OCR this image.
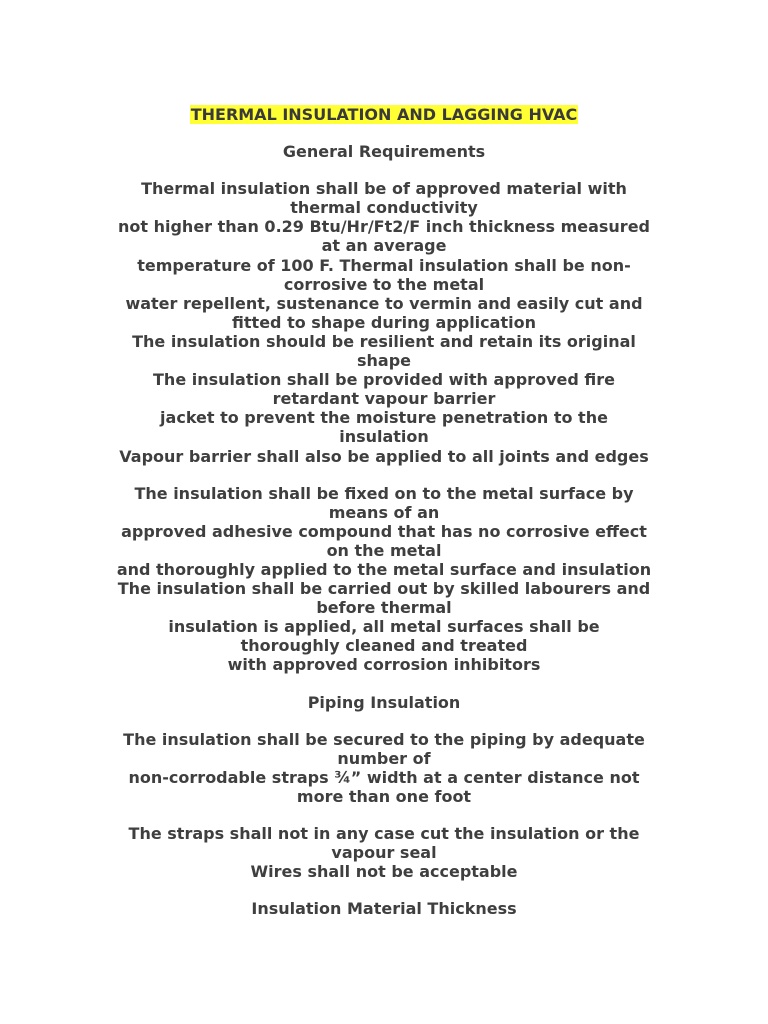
THERMAL INSULATION AND LAGGING HVAC

General Requirements

Thermal insulation shall be of approved material with

thermal conductivity

not higher than 0.29 Btu/Hr/Ft2/F inch thickness measured

at an average

temperature of 100 F. Thermal insulation shall be non-

corrosive to the metal

water repellent, sustenance to vermin and easily cut and

fitted to shape during application

The insulation should be resilient and retain its original

shape

The insulation shall be provided with approved fire

retardant vapour barrier

jacket to prevent the moisture penetration to the

insulation

Vapour barrier shall also be applied to all joints and edges

The insulation shall be fixed on to the metal surface by

means of an

approved adhesive compound that has no corrosive effect

on the metal

and thoroughly applied to the metal surface and insulation

The insulation shall be carried out by skilled labourers and

before thermal

insulation is applied, all metal surfaces shall be

thoroughly cleaned and treated

with approved corrosion inhibitors

Piping Insulation

The insulation shall be secured to the piping by adequate

number of

non-corrodable straps ¾” width at a center distance not

more than one foot

The straps shall not in any case cut the insulation or the

vapour seal

Wires shall not be acceptable

Insulation Material Thickness
